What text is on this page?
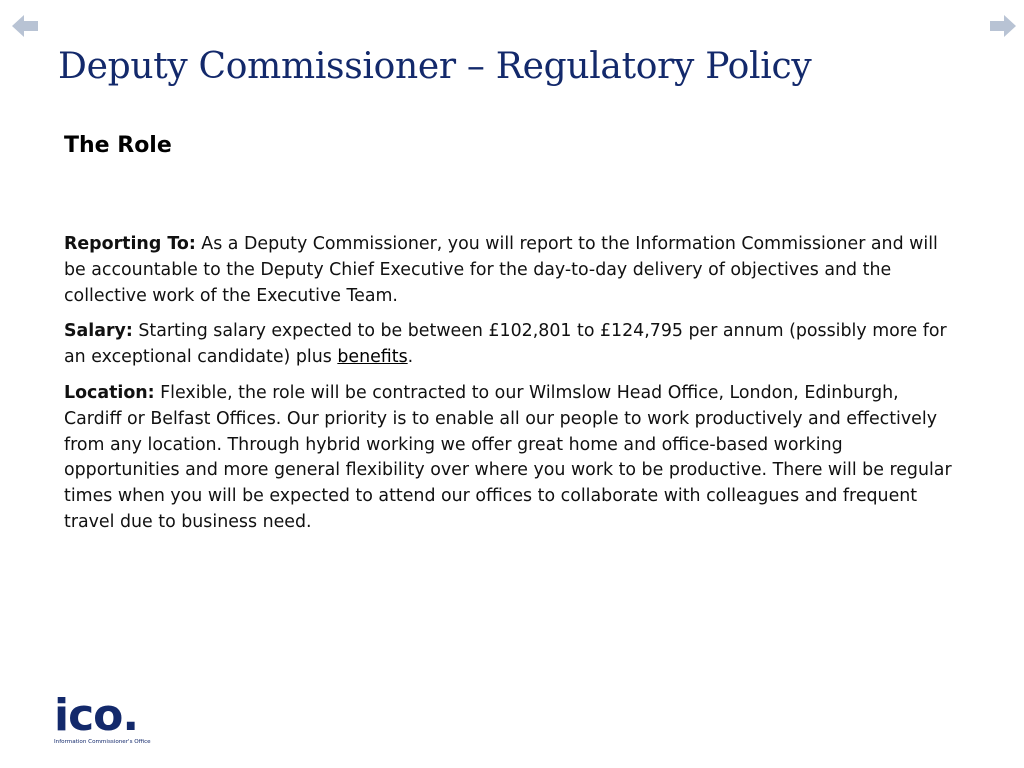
Deputy Commissioner – Regulatory Policy
The Role

Reporting To: As a Deputy Commissioner, you will report to the Information Commissioner and will be accountable to the Deputy Chief Executive for the day-to-day delivery of objectives and the collective work of the Executive Team.

Salary: Starting salary expected to be between £102,801 to £124,795 per annum (possibly more for an exceptional candidate) plus benefits.

Location: Flexible, the role will be contracted to our Wilmslow Head Office, London, Edinburgh, Cardiff or Belfast Offices. Our priority is to enable all our people to work productively and effectively from any location. Through hybrid working we offer great home and office-based working opportunities and more general flexibility over where you work to be productive. There will be regular times when you will be expected to attend our offices to collaborate with colleagues and frequent travel due to business need.

ico.
Information Commissioner's Office
